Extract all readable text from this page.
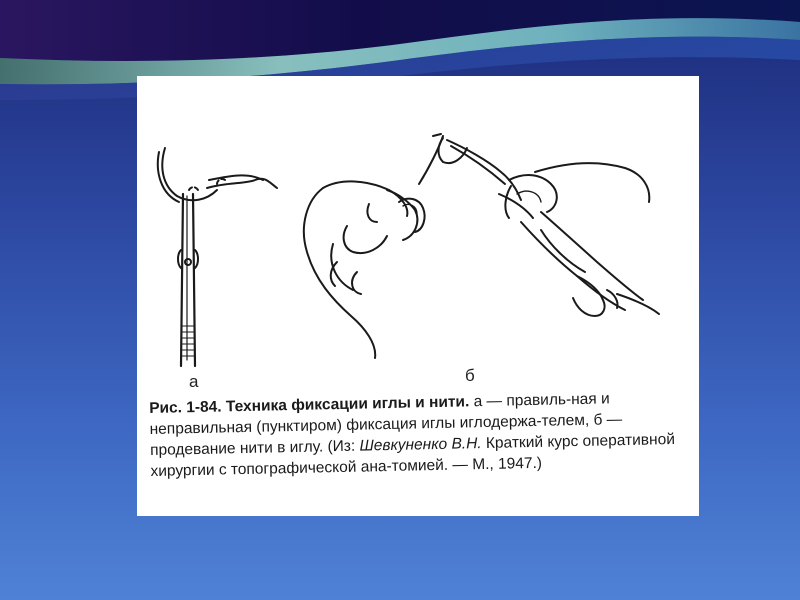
а	б
Рис. 1-84. Техника фиксации иглы и нити. а — правиль-ная и неправильная (пунктиром) фиксация иглы иглодержа-телем, б — продевание нити в иглу. (Из: Шевкуненко В.Н. Краткий курс оперативной хирургии с топографической ана-томией. — М., 1947.)
